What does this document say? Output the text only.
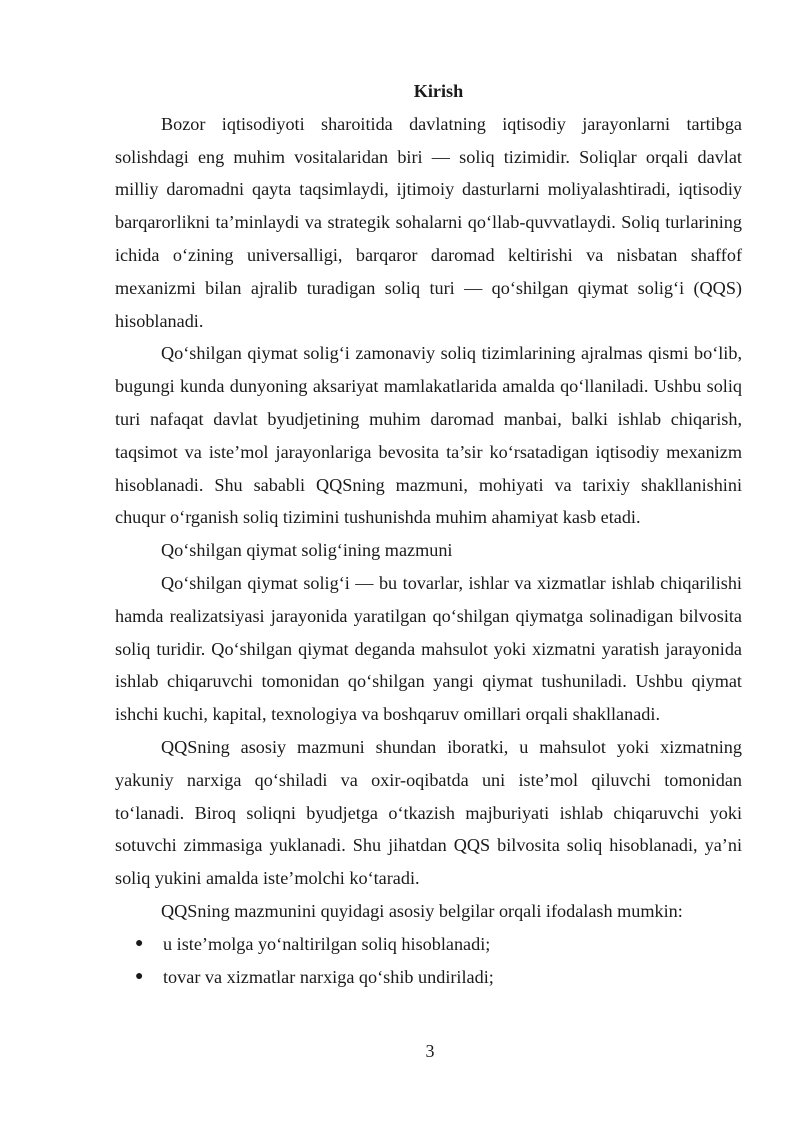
Kirish

Bozor iqtisodiyoti sharoitida davlatning iqtisodiy jarayonlarni tartibga solishdagi eng muhim vositalaridan biri — soliq tizimidir. Soliqlar orqali davlat milliy daromadni qayta taqsimlaydi, ijtimoiy dasturlarni moliyalashtiradi, iqtisodiy barqarorlikni ta’minlaydi va strategik sohalarni qo‘llab-quvvatlaydi. Soliq turlarining ichida o‘zining universalligi, barqaror daromad keltirishi va nisbatan shaffof mexanizmi bilan ajralib turadigan soliq turi — qo‘shilgan qiymat solig‘i (QQS) hisoblanadi.

Qo‘shilgan qiymat solig‘i zamonaviy soliq tizimlarining ajralmas qismi bo‘lib, bugungi kunda dunyoning aksariyat mamlakatlarida amalda qo‘llaniladi. Ushbu soliq turi nafaqat davlat byudjetining muhim daromad manbai, balki ishlab chiqarish, taqsimot va iste’mol jarayonlariga bevosita ta’sir ko‘rsatadigan iqtisodiy mexanizm hisoblanadi. Shu sababli QQSning mazmuni, mohiyati va tarixiy shakllanishini chuqur o‘rganish soliq tizimini tushunishda muhim ahamiyat kasb etadi.

Qo‘shilgan qiymat solig‘ining mazmuni

Qo‘shilgan qiymat solig‘i — bu tovarlar, ishlar va xizmatlar ishlab chiqarilishi hamda realizatsiyasi jarayonida yaratilgan qo‘shilgan qiymatga solinadigan bilvosita soliq turidir. Qo‘shilgan qiymat deganda mahsulot yoki xizmatni yaratish jarayonida ishlab chiqaruvchi tomonidan qo‘shilgan yangi qiymat tushuniladi. Ushbu qiymat ishchi kuchi, kapital, texnologiya va boshqaruv omillari orqali shakllanadi.

QQSning asosiy mazmuni shundan iboratki, u mahsulot yoki xizmatning yakuniy narxiga qo‘shiladi va oxir-oqibatda uni iste’mol qiluvchi tomonidan to‘lanadi. Biroq soliqni byudjetga o‘tkazish majburiyati ishlab chiqaruvchi yoki sotuvchi zimmasiga yuklanadi. Shu jihatdan QQS bilvosita soliq hisoblanadi, ya’ni soliq yukini amalda iste’molchi ko‘taradi.

QQSning mazmunini quyidagi asosiy belgilar orqali ifodalash mumkin:

● u iste’molga yo‘naltirilgan soliq hisoblanadi;
● tovar va xizmatlar narxiga qo‘shib undiriladi;
3
